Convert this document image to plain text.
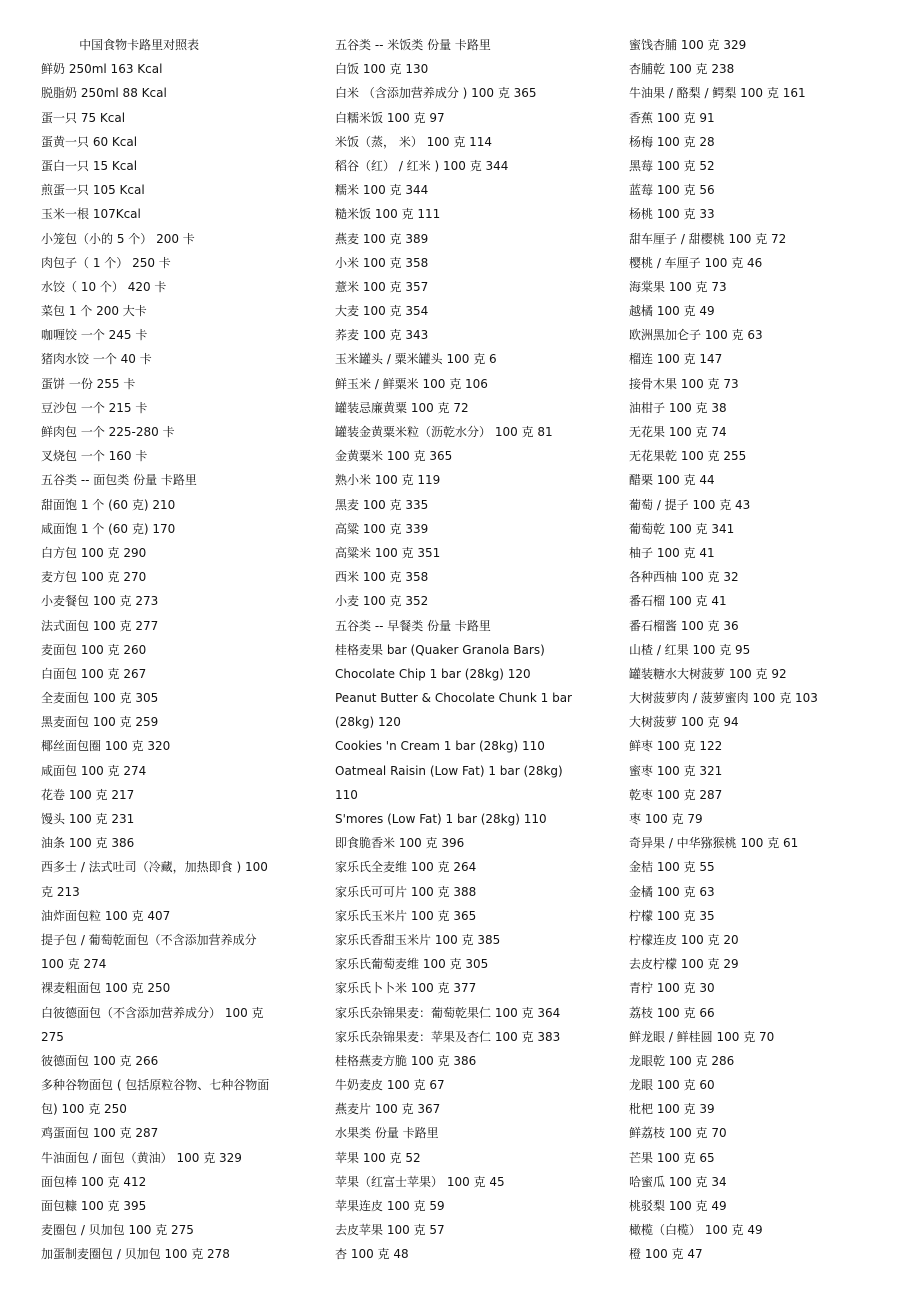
中国食物卡路里对照表
鲜奶 250ml 163 Kcal
脱脂奶 250ml 88 Kcal
蛋一只 75 Kcal
蛋黄一只 60 Kcal
蛋白一只 15 Kcal
煎蛋一只 105 Kcal
玉米一根 107Kcal
小笼包（小的 5 个） 200 卡
肉包子（ 1 个） 250 卡
水饺（ 10 个） 420 卡
菜包 1 个 200 大卡
咖喱饺 一个 245 卡
猪肉水饺 一个 40 卡
蛋饼 一份 255 卡
豆沙包 一个 215 卡
鲜肉包 一个 225-280 卡
叉烧包 一个 160 卡
五谷类 -- 面包类 份量 卡路里
甜面饱 1 个 (60 克) 210
咸面饱 1 个 (60 克) 170
白方包 100 克 290
麦方包 100 克 270
小麦餐包 100 克 273
法式面包 100 克 277
麦面包 100 克 260
白面包 100 克 267
全麦面包 100 克 305
黑麦面包 100 克 259
椰丝面包圈 100 克 320
咸面包 100 克 274
花卷 100 克 217
馒头 100 克 231
油条 100 克 386
西多士 / 法式吐司（冷藏，加热即食 ) 100
克 213
油炸面包粒 100 克 407
提子包 / 葡萄乾面包（不含添加营养成分
100 克 274
裸麦粗面包 100 克 250
白彼德面包（不含添加营养成分） 100 克
275
彼德面包 100 克 266
多种谷物面包 ( 包括原粒谷物、七种谷物面
包) 100 克 250
鸡蛋面包 100 克 287
牛油面包 / 面包（黄油） 100 克 329
面包棒 100 克 412
面包糠 100 克 395
麦圈包 / 贝加包 100 克 275
加蛋制麦圈包 / 贝加包 100 克 278
五谷类 -- 米饭类 份量 卡路里
白饭 100 克 130
白米 （含添加营养成分 ) 100 克 365
白糯米饭 100 克 97
米饭（蒸， 米） 100 克 114
稻谷（红） / 红米 ) 100 克 344
糯米 100 克 344
糙米饭 100 克 111
燕麦 100 克 389
小米 100 克 358
薏米 100 克 357
大麦 100 克 354
荞麦 100 克 343
玉米罐头 / 粟米罐头 100 克 6
鲜玉米 / 鲜粟米 100 克 106
罐装忌廉黄粟 100 克 72
罐装金黄粟米粒（沥乾水分） 100 克 81
金黄粟米 100 克 365
熟小米 100 克 119
黑麦 100 克 335
高粱 100 克 339
高粱米 100 克 351
西米 100 克 358
小麦 100 克 352
五谷类 -- 早餐类 份量 卡路里
桂格麦果 bar (Quaker Granola Bars)
Chocolate Chip 1 bar (28kg) 120
Peanut Butter & Chocolate Chunk 1 bar
(28kg) 120
Cookies 'n Cream 1 bar (28kg) 110
Oatmeal Raisin (Low Fat) 1 bar (28kg)
110
S'mores (Low Fat) 1 bar (28kg) 110
即食脆香米 100 克 396
家乐氏全麦维 100 克 264
家乐氏可可片 100 克 388
家乐氏玉米片 100 克 365
家乐氏香甜玉米片 100 克 385
家乐氏葡萄麦维 100 克 305
家乐氏卜卜米 100 克 377
家乐氏杂锦果麦：葡萄乾果仁 100 克 364
家乐氏杂锦果麦：苹果及杏仁 100 克 383
桂格燕麦方脆 100 克 386
牛奶麦皮 100 克 67
燕麦片 100 克 367
水果类 份量 卡路里
苹果 100 克 52
苹果（红富士苹果） 100 克 45
苹果连皮 100 克 59
去皮苹果 100 克 57
杏 100 克 48
蜜饯杏脯 100 克 329
杏脯乾 100 克 238
牛油果 / 酪梨 / 鳄梨 100 克 161
香蕉 100 克 91
杨梅 100 克 28
黑莓 100 克 52
蓝莓 100 克 56
杨桃 100 克 33
甜车厘子 / 甜樱桃 100 克 72
樱桃 / 车厘子 100 克 46
海棠果 100 克 73
越橘 100 克 49
欧洲黑加仑子 100 克 63
榴连 100 克 147
接骨木果 100 克 73
油柑子 100 克 38
无花果 100 克 74
无花果乾 100 克 255
醋栗 100 克 44
葡萄 / 提子 100 克 43
葡萄乾 100 克 341
柚子 100 克 41
各种西柚 100 克 32
番石榴 100 克 41
番石榴酱 100 克 36
山楂 / 红果 100 克 95
罐装糖水大树菠萝 100 克 92
大树菠萝肉 / 菠萝蜜肉 100 克 103
大树菠萝 100 克 94
鲜枣 100 克 122
蜜枣 100 克 321
乾枣 100 克 287
枣 100 克 79
奇异果 / 中华猕猴桃 100 克 61
金桔 100 克 55
金橘 100 克 63
柠檬 100 克 35
柠檬连皮 100 克 20
去皮柠檬 100 克 29
青柠 100 克 30
荔枝 100 克 66
鲜龙眼 / 鲜桂圆 100 克 70
龙眼乾 100 克 286
龙眼 100 克 60
枇杷 100 克 39
鲜荔枝 100 克 70
芒果 100 克 65
哈蜜瓜 100 克 34
桃驳梨 100 克 49
橄榄（白榄） 100 克 49
橙 100 克 47
